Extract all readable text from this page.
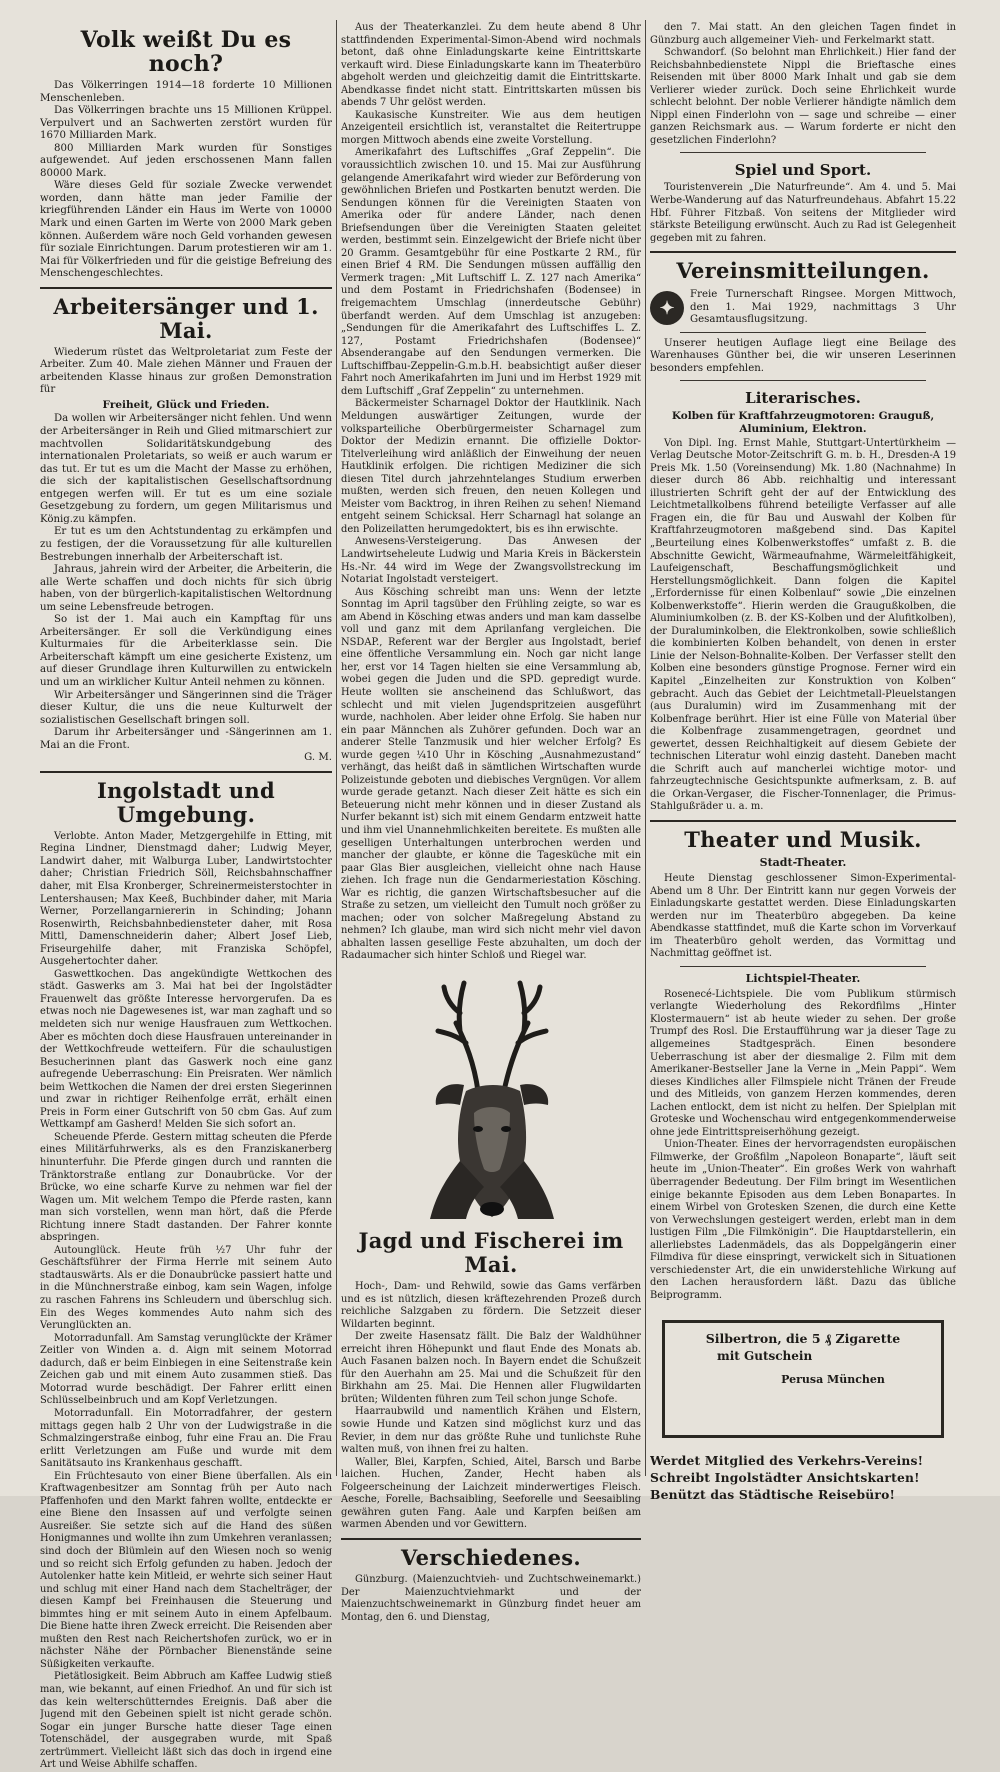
Volk weißt Du es noch?

Das Völkerringen 1914—18 forderte 10 Millionen Menschenleben.

Das Völkerringen brachte uns 15 Millionen Krüppel. Verpulvert und an Sachwerten zerstört wurden für 1670 Milliarden Mark.

800 Milliarden Mark wurden für Sonstiges aufgewendet. Auf jeden erschossenen Mann fallen 80000 Mark.

Wäre dieses Geld für soziale Zwecke verwendet worden, dann hätte man jeder Familie der kriegführenden Länder ein Haus im Werte von 10000 Mark und einen Garten im Werte von 2000 Mark geben können. Außerdem wäre noch Geld vorhanden gewesen für soziale Einrichtungen. Darum protestieren wir am 1. Mai für Völkerfrieden und für die geistige Befreiung des Menschengeschlechtes.

Arbeitersänger und 1. Mai.

Wiederum rüstet das Weltproletariat zum Feste der Arbeiter. Zum 40. Male ziehen Männer und Frauen der arbeitenden Klasse hinaus zur großen Demonstration für

Freiheit, Glück und Frieden.

Da wollen wir Arbeitersänger nicht fehlen. Und wenn der Arbeitersänger in Reih und Glied mitmarschiert zur machtvollen Solidaritätskundgebung des internationalen Proletariats, so weiß er auch warum er das tut. Er tut es um die Macht der Masse zu erhöhen, die sich der kapitalistischen Gesellschaftsordnung entgegen werfen will. Er tut es um eine soziale Gesetzgebung zu fordern, um gegen Militarismus und König.zu kämpfen.

Er tut es um den Achtstundentag zu erkämpfen und zu festigen, der die Voraussetzung für alle kulturellen Bestrebungen innerhalb der Arbeiterschaft ist.

Jahraus, jahrein wird der Arbeiter, die Arbeiterin, die alle Werte schaffen und doch nichts für sich übrig haben, von der bürgerlich-kapitalistischen Weltordnung um seine Lebensfreude betrogen.

So ist der 1. Mai auch ein Kampftag für uns Arbeitersänger. Er soll die Verkündigung eines Kulturmaies für die Arbeiterklasse sein. Die Arbeiterschaft kämpft um eine gesicherte Existenz, um auf dieser Grundlage ihren Kulturwillen zu entwickeln und um an wirklicher Kultur Anteil nehmen zu können.

Wir Arbeitersänger und Sängerinnen sind die Träger dieser Kultur, die uns die neue Kulturwelt der sozialistischen Gesellschaft bringen soll.

Darum ihr Arbeitersänger und -Sängerinnen am 1. Mai an die Front.

G. M.

Ingolstadt und Umgebung.

Verlobte. Anton Mader, Metzgergehilfe in Etting, mit Regina Lindner, Dienstmagd daher; Ludwig Meyer, Landwirt daher, mit Walburga Luber, Landwirtstochter daher; Christian Friedrich Söll, Reichsbahnschaffner daher, mit Elsa Kronberger, Schreinermeisterstochter in Lentershausen; Max Keeß, Buchbinder daher, mit Maria Werner, Porzellangarniererin in Schinding; Johann Rosenwirth, Reichsbahnbediensteter daher, mit Rosa Mittl, Damenschneiderin daher; Albert Josef Lieb, Friseurgehilfe daher, mit Franziska Schöpfel, Ausgehertochter daher.

Gaswettkochen. Das angekündigte Wettkochen des städt. Gaswerks am 3. Mai hat bei der Ingolstädter Frauenwelt das größte Interesse hervorgerufen. Da es etwas noch nie Dagewesenes ist, war man zaghaft und so meldeten sich nur wenige Hausfrauen zum Wettkochen. Aber es möchten doch diese Hausfrauen untereinander in der Wettkochfreude wetteifern. Für die schaulustigen Besucherinnen plant das Gaswerk noch eine ganz aufregende Ueberraschung: Ein Preisraten. Wer nämlich beim Wettkochen die Namen der drei ersten Siegerinnen und zwar in richtiger Reihenfolge errät, erhält einen Preis in Form einer Gutschrift von 50 cbm Gas. Auf zum Wettkampf am Gasherd! Melden Sie sich sofort an.

Scheuende Pferde. Gestern mittag scheuten die Pferde eines Militärfuhrwerks, als es den Franziskanerberg hinunterfuhr. Die Pferde gingen durch und rannten die Tränktorstraße entlang zur Donaubrücke. Vor der Brücke, wo eine scharfe Kurve zu nehmen war fiel der Wagen um. Mit welchem Tempo die Pferde rasten, kann man sich vorstellen, wenn man hört, daß die Pferde Richtung innere Stadt dastanden. Der Fahrer konnte abspringen.

Autounglück. Heute früh ½7 Uhr fuhr der Geschäftsführer der Firma Herrle mit seinem Auto stadtauswärts. Als er die Donaubrücke passiert hatte und in die Münchnerstraße einbog, kam sein Wagen, infolge zu raschen Fahrens ins Schleudern und überschlug sich. Ein des Weges kommendes Auto nahm sich des Verunglückten an.

Motorradunfall. Am Samstag verunglückte der Krämer Zeitler von Winden a. d. Aign mit seinem Motorrad dadurch, daß er beim Einbiegen in eine Seitenstraße kein Zeichen gab und mit einem Auto zusammen stieß. Das Motorrad wurde beschädigt. Der Fahrer erlitt einen Schlüsselbeinbruch und am Kopf Verletzungen.

Motorradunfall. Ein Motorradfahrer, der gestern mittags gegen halb 2 Uhr von der Ludwigstraße in die Schmalzingerstraße einbog, fuhr eine Frau an. Die Frau erlitt Verletzungen am Fuße und wurde mit dem Sanitätsauto ins Krankenhaus geschafft.

Ein Früchtesauto von einer Biene überfallen. Als ein Kraftwagenbesitzer am Sonntag früh per Auto nach Pfaffenhofen und den Markt fahren wollte, entdeckte er eine Biene den Insassen auf und verfolgte seinen Ausreißer. Sie setzte sich auf die Hand des süßen Honigmannes und wollte ihn zum Umkehren veranlassen; sind doch der Blümlein auf den Wiesen noch so wenig und so reicht sich Erfolg gefunden zu haben. Jedoch der Autolenker hatte kein Mitleid, er wehrte sich seiner Haut und schlug mit einer Hand nach dem Stachelträger, der diesen Kampf bei Freinhausen die Steuerung und bimmtes hing er mit seinem Auto in einem Apfelbaum. Die Biene hatte ihren Zweck erreicht. Die Reisenden aber mußten den Rest nach Reichertshofen zurück, wo er in nächster Nähe der Pörnbacher Bienenstände seine Süßigkeiten verkaufte.

Pietätlosigkeit. Beim Abbruch am Kaffee Ludwig stieß man, wie bekannt, auf einen Friedhof. An und für sich ist das kein welterschütterndes Ereignis. Daß aber die Jugend mit den Gebeinen spielt ist nicht gerade schön. Sogar ein junger Bursche hatte dieser Tage einen Totenschädel, der ausgegraben wurde, mit Spaß zertrümmert. Vielleicht läßt sich das doch in irgend eine Art und Weise Abhilfe schaffen.

Aus der Theaterkanzlei. Zu dem heute abend 8 Uhr stattfindenden Experimental-Simon-Abend wird nochmals betont, daß ohne Einladungskarte keine Eintrittskarte verkauft wird. Diese Einladungskarte kann im Theaterbüro abgeholt werden und gleichzeitig damit die Eintrittskarte. Abendkasse findet nicht statt. Eintrittskarten müssen bis abends 7 Uhr gelöst werden.

Kaukasische Kunstreiter. Wie aus dem heutigen Anzeigenteil ersichtlich ist, veranstaltet die Reitertruppe morgen Mittwoch abends eine zweite Vorstellung.

Amerikafahrt des Luftschiffes „Graf Zeppelin“. Die voraussichtlich zwischen 10. und 15. Mai zur Ausführung gelangende Amerikafahrt wird wieder zur Beförderung von gewöhnlichen Briefen und Postkarten benutzt werden. Die Sendungen können für die Vereinigten Staaten von Amerika oder für andere Länder, nach denen Briefsendungen über die Vereinigten Staaten geleitet werden, bestimmt sein. Einzelgewicht der Briefe nicht über 20 Gramm. Gesamtgebühr für eine Postkarte 2 RM., für einen Brief 4 RM. Die Sendungen müssen auffällig den Vermerk tragen: „Mit Luftschiff L. Z. 127 nach Amerika“ und dem Postamt in Friedrichshafen (Bodensee) in freigemachtem Umschlag (innerdeutsche Gebühr) überfandt werden. Auf dem Umschlag ist anzugeben: „Sendungen für die Amerikafahrt des Luftschiffes L. Z. 127, Postamt Friedrichshafen (Bodensee)“ Absenderangabe auf den Sendungen vermerken. Die Luftschiffbau-Zeppelin-G.m.b.H. beabsichtigt außer dieser Fahrt noch Amerikafahrten im Juni und im Herbst 1929 mit dem Luftschiff „Graf Zeppelin“ zu unternehmen.

Bäckermeister Scharnagel Doktor der Hautklinik. Nach Meldungen auswärtiger Zeitungen, wurde der volksparteiliche Oberbürgermeister Scharnagel zum Doktor der Medizin ernannt. Die offizielle Doktor-Titelverleihung wird anläßlich der Einweihung der neuen Hautklinik erfolgen. Die richtigen Mediziner die sich diesen Titel durch jahrzehntelanges Studium erwerben mußten, werden sich freuen, den neuen Kollegen und Meister vom Backtrog, in ihren Reihen zu sehen! Niemand entgeht seinem Schicksal. Herr Scharnagl hat solange an den Polizeilatten herumgedoktert, bis es ihn erwischte.

Anwesens-Versteigerung. Das Anwesen der Landwirtseheleute Ludwig und Maria Kreis in Bäckerstein Hs.-Nr. 44 wird im Wege der Zwangsvollstreckung im Notariat Ingolstadt versteigert.

Aus Kösching schreibt man uns: Wenn der letzte Sonntag im April tagsüber den Frühling zeigte, so war es am Abend in Kösching etwas anders und man kam dasselbe voll und ganz mit dem Aprilanfang vergleichen. Die NSDAP., Referent war der Bergler aus Ingolstadt, berief eine öffentliche Versammlung ein. Noch gar nicht lange her, erst vor 14 Tagen hielten sie eine Versammlung ab, wobei gegen die Juden und die SPD. gepredigt wurde. Heute wollten sie anscheinend das Schlußwort, das schlecht und mit vielen Jugendspritzeien ausgeführt wurde, nachholen. Aber leider ohne Erfolg. Sie haben nur ein paar Männchen als Zuhörer gefunden. Doch war an anderer Stelle Tanzmusik und hier welcher Erfolg? Es wurde gegen ¼10 Uhr in Kösching „Ausnahmezustand“ verhängt, das heißt daß in sämtlichen Wirtschaften wurde Polizeistunde geboten und diebisches Vergnügen. Vor allem wurde gerade getanzt. Nach dieser Zeit hätte es sich ein Beteuerung nicht mehr können und in dieser Zustand als Nurfer bekannt ist) sich mit einem Gendarm entzweit hatte und ihm viel Unannehmlichkeiten bereitete. Es mußten alle geselligen Unterhaltungen unterbrochen werden und mancher der glaubte, er könne die Tagesküche mit ein paar Glas Bier ausgleichen, vielleicht ohne nach Hause ziehen. Ich frage nun die Gendarmeriestation Kösching. War es richtig, die ganzen Wirtschaftsbesucher auf die Straße zu setzen, um vielleicht den Tumult noch größer zu machen; oder von solcher Maßregelung Abstand zu nehmen? Ich glaube, man wird sich nicht mehr viel davon abhalten lassen gesellige Feste abzuhalten, um doch der Radaumacher sich hinter Schloß und Riegel war.

Jagd und Fischerei im Mai.

Hoch-, Dam- und Rehwild, sowie das Gams verfärben und es ist nützlich, diesen kräftezehrenden Prozeß durch reichliche Salzgaben zu fördern. Die Setzzeit dieser Wildarten beginnt.

Der zweite Hasensatz fällt. Die Balz der Waldhühner erreicht ihren Höhepunkt und flaut Ende des Monats ab. Auch Fasanen balzen noch. In Bayern endet die Schußzeit für den Auerhahn am 25. Mai und die Schußzeit für den Birkhahn am 25. Mai. Die Hennen aller Flugwildarten brüten; Wildenten führen zum Teil schon junge Schofe.

Haarraubwild und namentlich Krähen und Elstern, sowie Hunde und Katzen sind möglichst kurz und das Revier, in dem nur das größte Ruhe und tunlichste Ruhe walten muß, von ihnen frei zu halten.

Waller, Blei, Karpfen, Schied, Aitel, Barsch und Barbe laichen. Huchen, Zander, Hecht haben als Folgeerscheinung der Laichzeit minderwertiges Fleisch. Aesche, Forelle, Bachsaibling, Seeforelle und Seesaibling gewähren guten Fang. Aale und Karpfen beißen am warmen Abenden und vor Gewittern.

Verschiedenes.

Günzburg. (Maienzuchtvieh- und Zuchtschweinemarkt.) Der Maienzuchtviehmarkt und der Maienzuchtschweinemarkt in Günzburg findet heuer am Montag, den 6. und Dienstag,

den 7. Mai statt. An den gleichen Tagen findet in Günzburg auch allgemeiner Vieh- und Ferkelmarkt statt.

Schwandorf. (So belohnt man Ehrlichkeit.) Hier fand der Reichsbahnbedienstete Nippl die Brieftasche eines Reisenden mit über 8000 Mark Inhalt und gab sie dem Verlierer wieder zurück. Doch seine Ehrlichkeit wurde schlecht belohnt. Der noble Verlierer händigte nämlich dem Nippl einen Finderlohn von — sage und schreibe — einer ganzen Reichsmark aus. — Warum forderte er nicht den gesetzlichen Finderlohn?

Spiel und Sport.

Touristenverein „Die Naturfreunde“. Am 4. und 5. Mai Werbe-Wanderung auf das Naturfreundehaus. Abfahrt 15.22 Hbf. Führer Fitzbaß. Von seitens der Mitglieder wird stärkste Beteiligung erwünscht. Auch zu Rad ist Gelegenheit gegeben mit zu fahren.

Vereinsmitteilungen.
✦

Freie Turnerschaft Ringsee. Morgen Mittwoch, den 1. Mai 1929, nachmittags 3 Uhr Gesamtausflugsitzung.

Unserer heutigen Auflage liegt eine Beilage des Warenhauses Günther bei, die wir unseren Leserinnen besonders empfehlen.

Literarisches.

Kolben für Kraftfahrzeugmotoren: Grauguß, Aluminium, Elektron.

Von Dipl. Ing. Ernst Mahle, Stuttgart-Untertürkheim — Verlag Deutsche Motor-Zeitschrift G. m. b. H., Dresden-A 19 Preis Mk. 1.50 (Voreinsendung) Mk. 1.80 (Nachnahme) In dieser durch 86 Abb. reichhaltig und interessant illustrierten Schrift geht der auf der Entwicklung des Leichtmetallkolbens führend beteiligte Verfasser auf alle Fragen ein, die für Bau und Auswahl der Kolben für Kraftfahrzeugmotoren maßgebend sind. Das Kapitel „Beurteilung eines Kolbenwerkstoffes“ umfaßt z. B. die Abschnitte Gewicht, Wärmeaufnahme, Wärmeleitfähigkeit, Laufeigenschaft, Beschaffungsmöglichkeit und Herstellungsmöglichkeit. Dann folgen die Kapitel „Erfordernisse für einen Kolbenlauf“ sowie „Die einzelnen Kolbenwerkstoffe“. Hierin werden die Graugußkolben, die Aluminiumkolben (z. B. der KS-Kolben und der Alufitkolben), der Duraluminkolben, die Elektronkolben, sowie schließlich die kombinierten Kolben behandelt, von denen in erster Linie der Nelson-Bohnalite-Kolben. Der Verfasser stellt den Kolben eine besonders günstige Prognose. Ferner wird ein Kapitel „Einzelheiten zur Konstruktion von Kolben“ gebracht. Auch das Gebiet der Leichtmetall-Pleuelstangen (aus Duralumin) wird im Zusammenhang mit der Kolbenfrage berührt. Hier ist eine Fülle von Material über die Kolbenfrage zusammengetragen, geordnet und gewertet, dessen Reichhaltigkeit auf diesem Gebiete der technischen Literatur wohl einzig dasteht. Daneben macht die Schrift auch auf mancherlei wichtige motor- und fahrzeugtechnische Gesichtspunkte aufmerksam, z. B. auf die Orkan-Vergaser, die Fischer-Tonnenlager, die Primus-Stahlgußräder u. a. m.

Theater und Musik.
Stadt-Theater.

Heute Dienstag geschlossener Simon-Experimental-Abend um 8 Uhr. Der Eintritt kann nur gegen Vorweis der Einladungskarte gestattet werden. Diese Einladungskarten werden nur im Theaterbüro abgegeben. Da keine Abendkasse stattfindet, muß die Karte schon im Vorverkauf im Theaterbüro geholt werden, das Vormittag und Nachmittag geöffnet ist.

Lichtspiel-Theater.

Rosenecé-Lichtspiele. Die vom Publikum stürmisch verlangte Wiederholung des Rekordfilms „Hinter Klostermauern“ ist ab heute wieder zu sehen. Der große Trumpf des Rosl. Die Erstaufführung war ja dieser Tage zu allgemeines Stadtgespräch. Einen besondere Ueberraschung ist aber der diesmalige 2. Film mit dem Amerikaner-Bestseller Jane la Verne in „Mein Pappi“. Wem dieses Kindliches aller Filmspiele nicht Tränen der Freude und des Mitleids, von ganzem Herzen kommendes, deren Lachen entlockt, dem ist nicht zu helfen. Der Spielplan mit Groteske und Wochenschau wird entgegenkommenderweise ohne jede Eintrittspreiserhöhung gezeigt.

Union-Theater. Eines der hervorragendsten europäischen Filmwerke, der Großfilm „Napoleon Bonaparte“, läuft seit heute im „Union-Theater“. Ein großes Werk von wahrhaft überragender Bedeutung. Der Film bringt im Wesentlichen einige bekannte Episoden aus dem Leben Bonapartes. In einem Wirbel von Grotesken Szenen, die durch eine Kette von Verwechslungen gesteigert werden, erlebt man in dem lustigen Film „Die Filmkönigin“. Die Hauptdarstellerin, ein allerliebstes Ladenmädels, das als Doppelgängerin einer Filmdiva für diese einspringt, verwickelt sich in Situationen verschiedenster Art, die ein unwiderstehliche Wirkung auf den Lachen herausfordern läßt. Dazu das übliche Beiprogramm.

Silbertron, die 5 ₰ Zigarette
mit Gutschein
Perusa München

Werdet Mitglied des Verkehrs-Vereins!

Schreibt Ingolstädter Ansichtskarten!

Benützt das Städtische Reisebüro!
